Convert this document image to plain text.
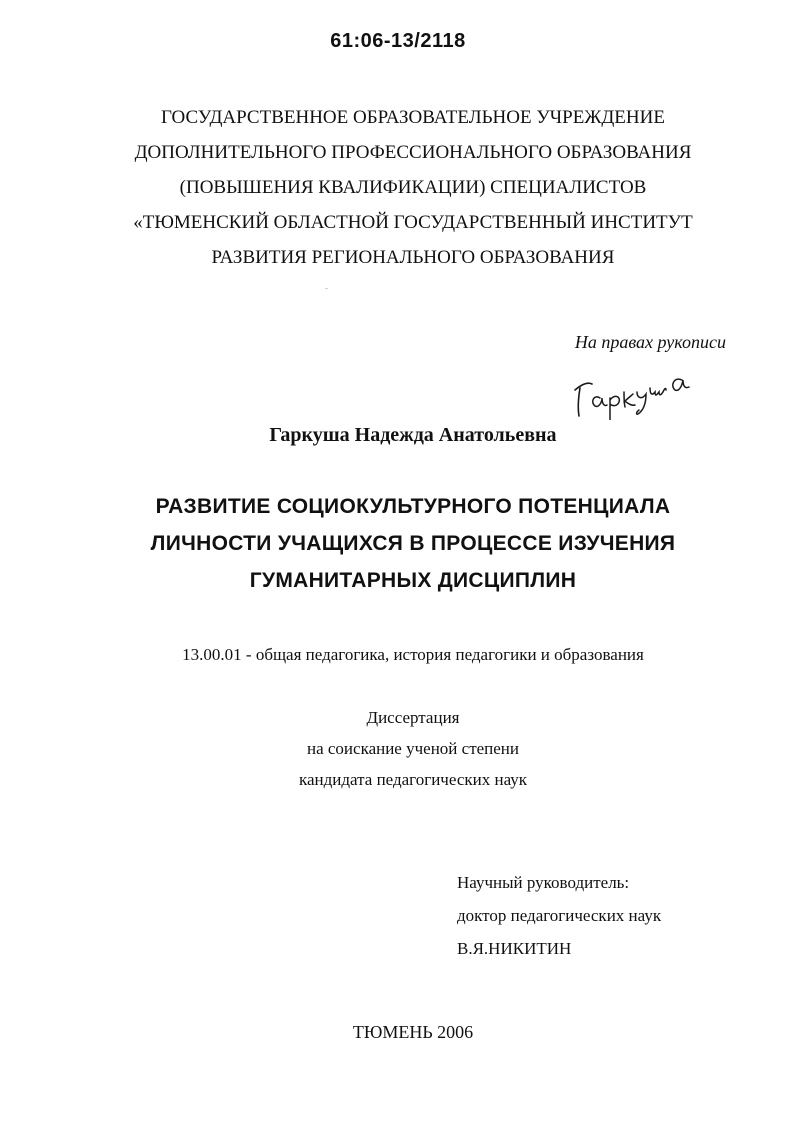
61:06-13/2118
ГОСУДАРСТВЕННОЕ ОБРАЗОВАТЕЛЬНОЕ УЧРЕЖДЕНИЕ
ДОПОЛНИТЕЛЬНОГО ПРОФЕССИОНАЛЬНОГО ОБРАЗОВАНИЯ
(ПОВЫШЕНИЯ КВАЛИФИКАЦИИ) СПЕЦИАЛИСТОВ
«ТЮМЕНСКИЙ ОБЛАСТНОЙ ГОСУДАРСТВЕННЫЙ ИНСТИТУТ
РАЗВИТИЯ РЕГИОНАЛЬНОГО ОБРАЗОВАНИЯ
На правах рукописи
Гаркуша Надежда Анатольевна
РАЗВИТИЕ СОЦИОКУЛЬТУРНОГО ПОТЕНЦИАЛА
ЛИЧНОСТИ УЧАЩИХСЯ В ПРОЦЕССЕ ИЗУЧЕНИЯ
ГУМАНИТАРНЫХ ДИСЦИПЛИН
13.00.01 - общая педагогика, история педагогики и образования
Диссертация
на соискание ученой степени
кандидата педагогических наук
Научный руководитель:
доктор педагогических наук
В.Я.НИКИТИН
ТЮМЕНЬ 2006
